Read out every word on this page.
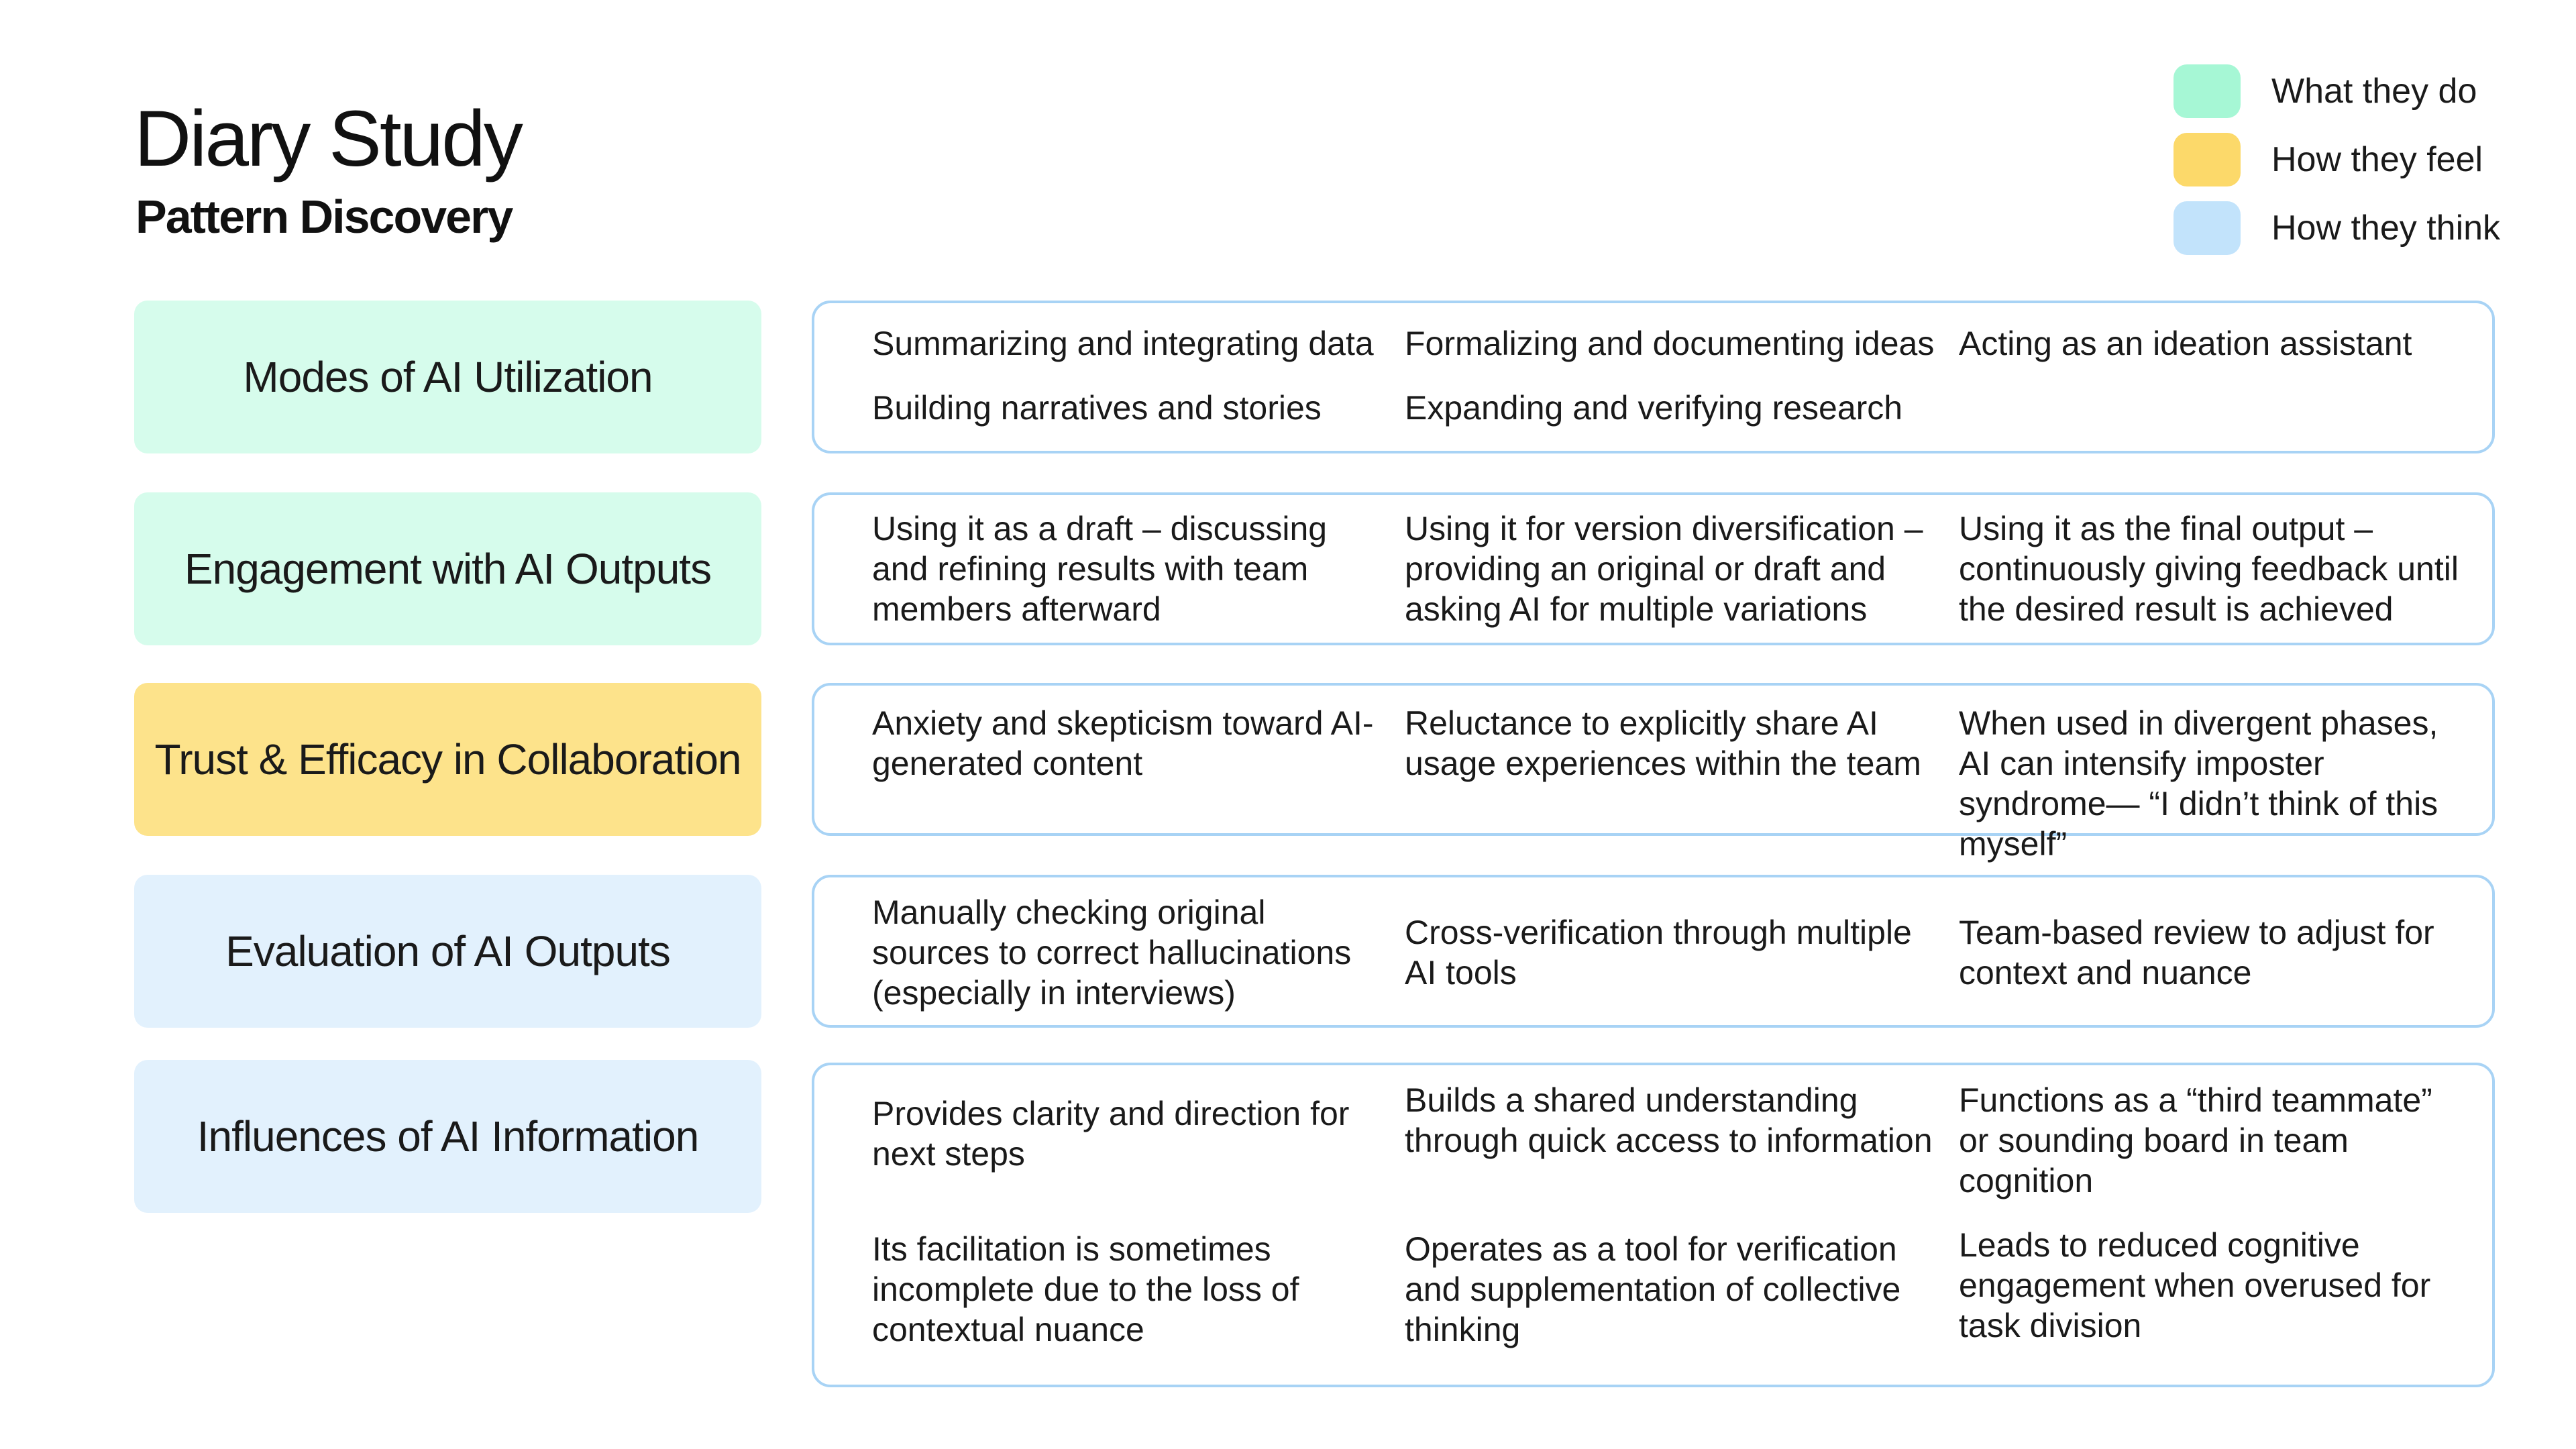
Diary Study
Pattern Discovery
What they do
How they feel
How they think
Modes of AI Utilization
Summarizing and integrating data Formalizing and documenting ideas Acting as an ideation assistant
Building narratives and stories	Expanding and verifying research
Engagement with AI Outputs
Using it as a draft – discussing and refining results with team members afterward
Using it for version diversification – providing an original or draft and asking AI for multiple variations
Using it as the final output – continuously giving feedback until the desired result is achieved
Trust & Efficacy in Collaboration
Anxiety and skepticism toward AI-generated content
Reluctance to explicitly share AI usage experiences within the team
When used in divergent phases, AI can intensify imposter syndrome— “I didn’t think of this myself”
Evaluation of AI Outputs
Manually checking original sources to correct hallucinations (especially in interviews)
Cross-verification through multiple AI tools
Team-based review to adjust for context and nuance
Influences of AI Information	Provides clarity and direction for next steps
Builds a shared understanding through quick access to information
Functions as a “third teammate” or sounding board in team cognition
Its facilitation is sometimes incomplete due to the loss of contextual nuance
Operates as a tool for verification and supplementation of collective thinking
Leads to reduced cognitive engagement when overused for task division
